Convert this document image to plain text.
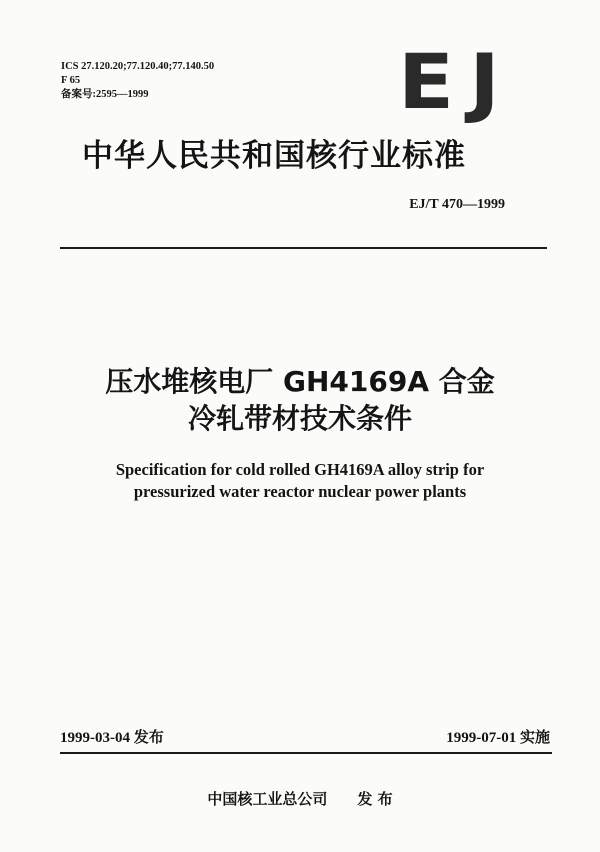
ICS 27.120.20;77.120.40;77.140.50
F 65
备案号:2595—1999	EJ
中华人民共和国核行业标准
EJ/T 470—1999
压水堆核电厂 GH4169A 合金
冷轧带材技术条件
Specification for cold rolled GH4169A alloy strip for
pressurized water reactor nuclear power plants
1999-03-04 发布	1999-07-01 实施
中国核工业总公司 发 布
